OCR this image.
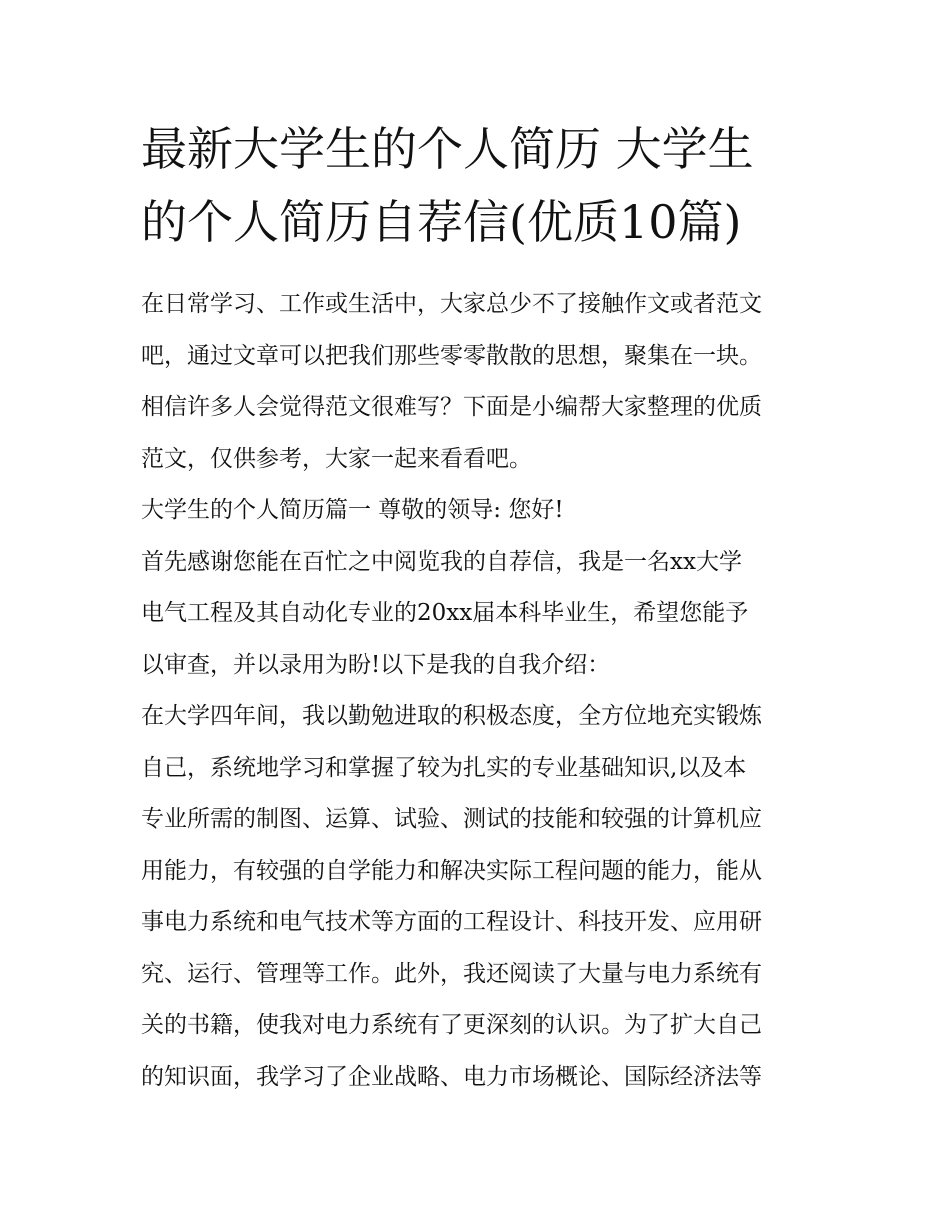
最新大学生的个人简历 大学生
的个人简历自荐信(优质10篇)

在日常学习、工作或生活中，大家总少不了接触作文或者范文
吧，通过文章可以把我们那些零零散散的思想，聚集在一块。
相信许多人会觉得范文很难写？下面是小编帮大家整理的优质
范文，仅供参考，大家一起来看看吧。

大学生的个人简历篇一 尊敬的领导: 您好!

首先感谢您能在百忙之中阅览我的自荐信，我是一名xx大学
电气工程及其自动化专业的20xx届本科毕业生，希望您能予
以审查，并以录用为盼!以下是我的自我介绍：

在大学四年间，我以勤勉进取的积极态度，全方位地充实锻炼
自己，系统地学习和掌握了较为扎实的专业基础知识,以及本
专业所需的制图、运算、试验、测试的技能和较强的计算机应
用能力，有较强的自学能力和解决实际工程问题的能力，能从
事电力系统和电气技术等方面的工程设计、科技开发、应用研
究、运行、管理等工作。此外，我还阅读了大量与电力系统有
关的书籍，使我对电力系统有了更深刻的认识。为了扩大自己
的知识面，我学习了企业战略、电力市场概论、国际经济法等
